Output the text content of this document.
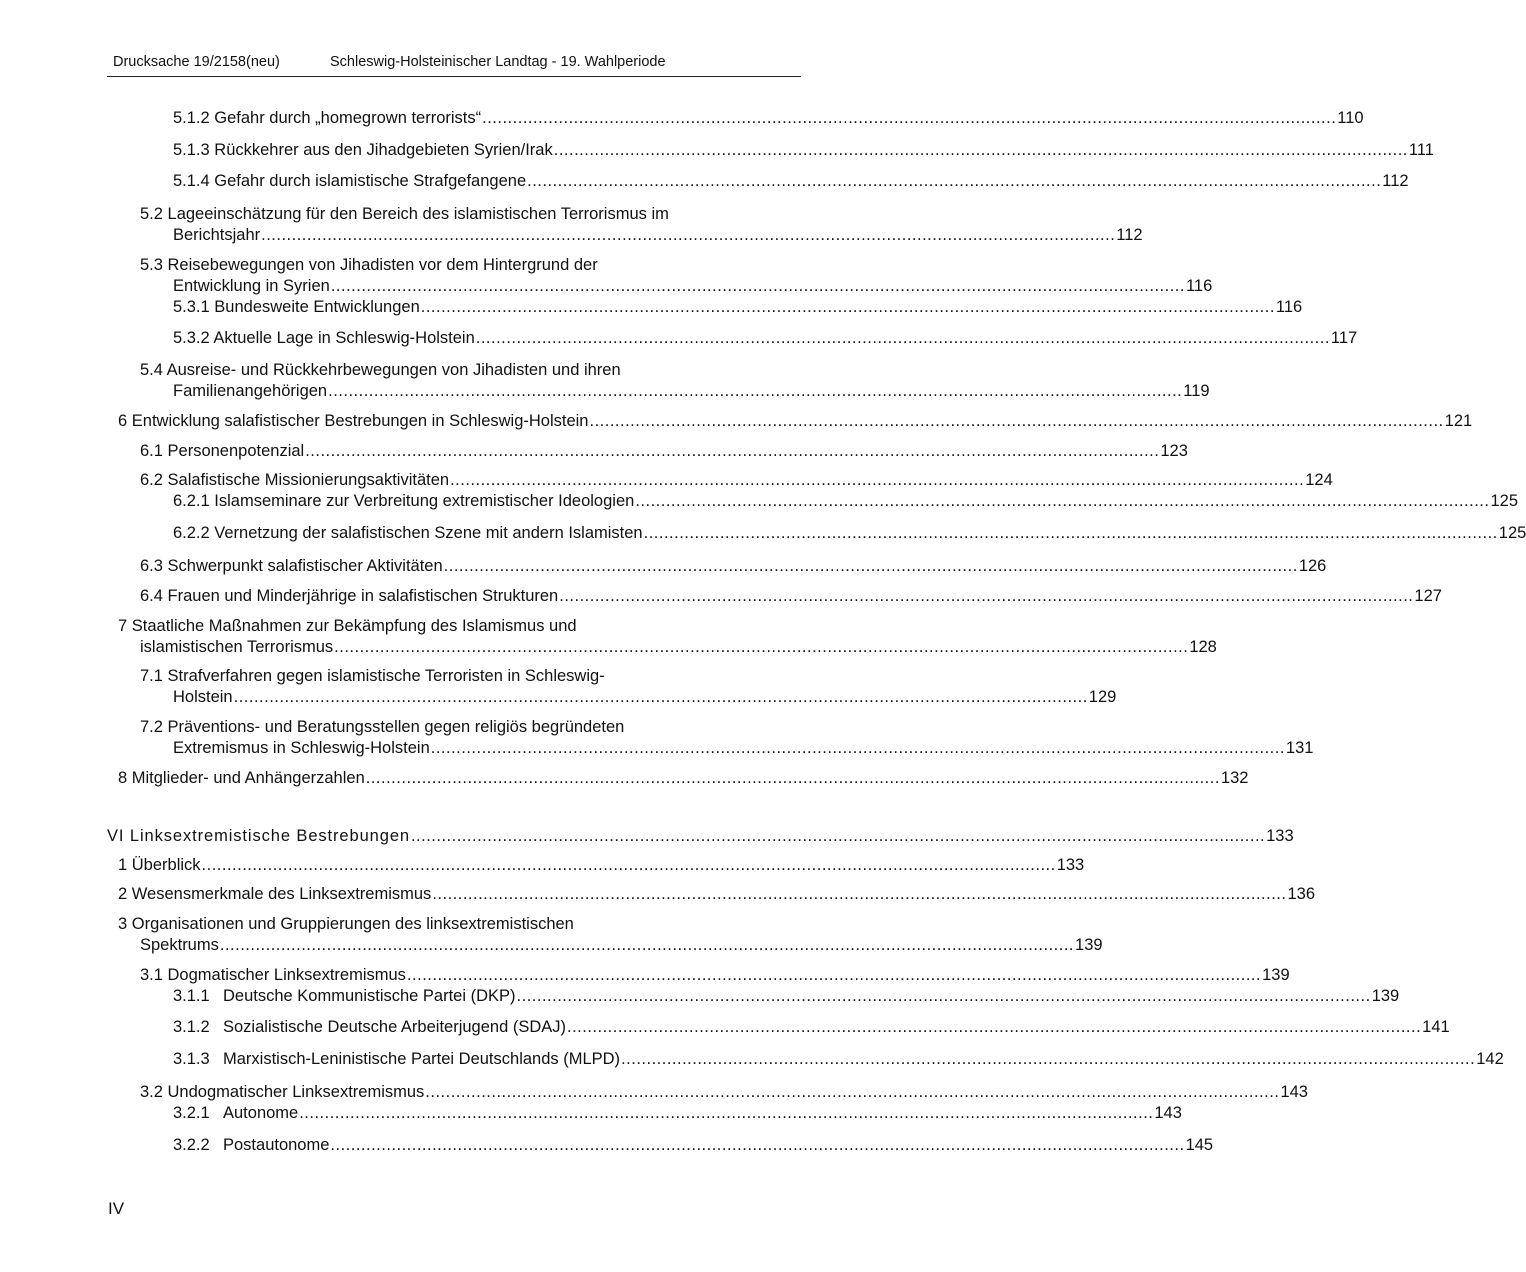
Drucksache 19/2158(neu)	Schleswig-Holsteinischer Landtag - 19. Wahlperiode
5.1.2 Gefahr durch „homegrown terrorists“ .....	110
5.1.3 Rückkehrer aus den Jihadgebieten Syrien/Irak .....	111
5.1.4 Gefahr durch islamistische Strafgefangene .....	112
5.2 Lageeinschätzung für den Bereich des islamistischen Terrorismus im
Berichtsjahr .....	112
5.3 Reisebewegungen von Jihadisten vor dem Hintergrund der
Entwicklung in Syrien .....	116
5.3.1 Bundesweite Entwicklungen .....	116
5.3.2 Aktuelle Lage in Schleswig-Holstein .....	117
5.4 Ausreise- und Rückkehrbewegungen von Jihadisten und ihren
Familienangehörigen .....	119
6 Entwicklung salafistischer Bestrebungen in Schleswig-Holstein .....	121
6.1 Personenpotenzial .....	123
6.2 Salafistische Missionierungsaktivitäten .....	124
6.2.1 Islamseminare zur Verbreitung extremistischer Ideologien .....	125
6.2.2 Vernetzung der salafistischen Szene mit andern Islamisten .....	125
6.3 Schwerpunkt salafistischer Aktivitäten .....	126
6.4 Frauen und Minderjährige in salafistischen Strukturen .....	127
7 Staatliche Maßnahmen zur Bekämpfung des Islamismus und
islamistischen Terrorismus .....	128
7.1 Strafverfahren gegen islamistische Terroristen in Schleswig-
Holstein .....	129
7.2 Präventions- und Beratungsstellen gegen religiös begründeten
Extremismus in Schleswig-Holstein .....	131
8 Mitglieder- und Anhängerzahlen .....	132
VI Linksextremistische Bestrebungen .....	133
1 Überblick .....	133
2 Wesensmerkmale des Linksextremismus .....	136
3 Organisationen und Gruppierungen des linksextremistischen
Spektrums .....	139
3.1 Dogmatischer Linksextremismus .....	139
3.1.1 Deutsche Kommunistische Partei (DKP) .....	139
3.1.2 Sozialistische Deutsche Arbeiterjugend (SDAJ) .....	141
3.1.3 Marxistisch-Leninistische Partei Deutschlands (MLPD) .....	142
3.2 Undogmatischer Linksextremismus .....	143
3.2.1 Autonome .....	143
3.2.2 Postautonome .....	145
IV
